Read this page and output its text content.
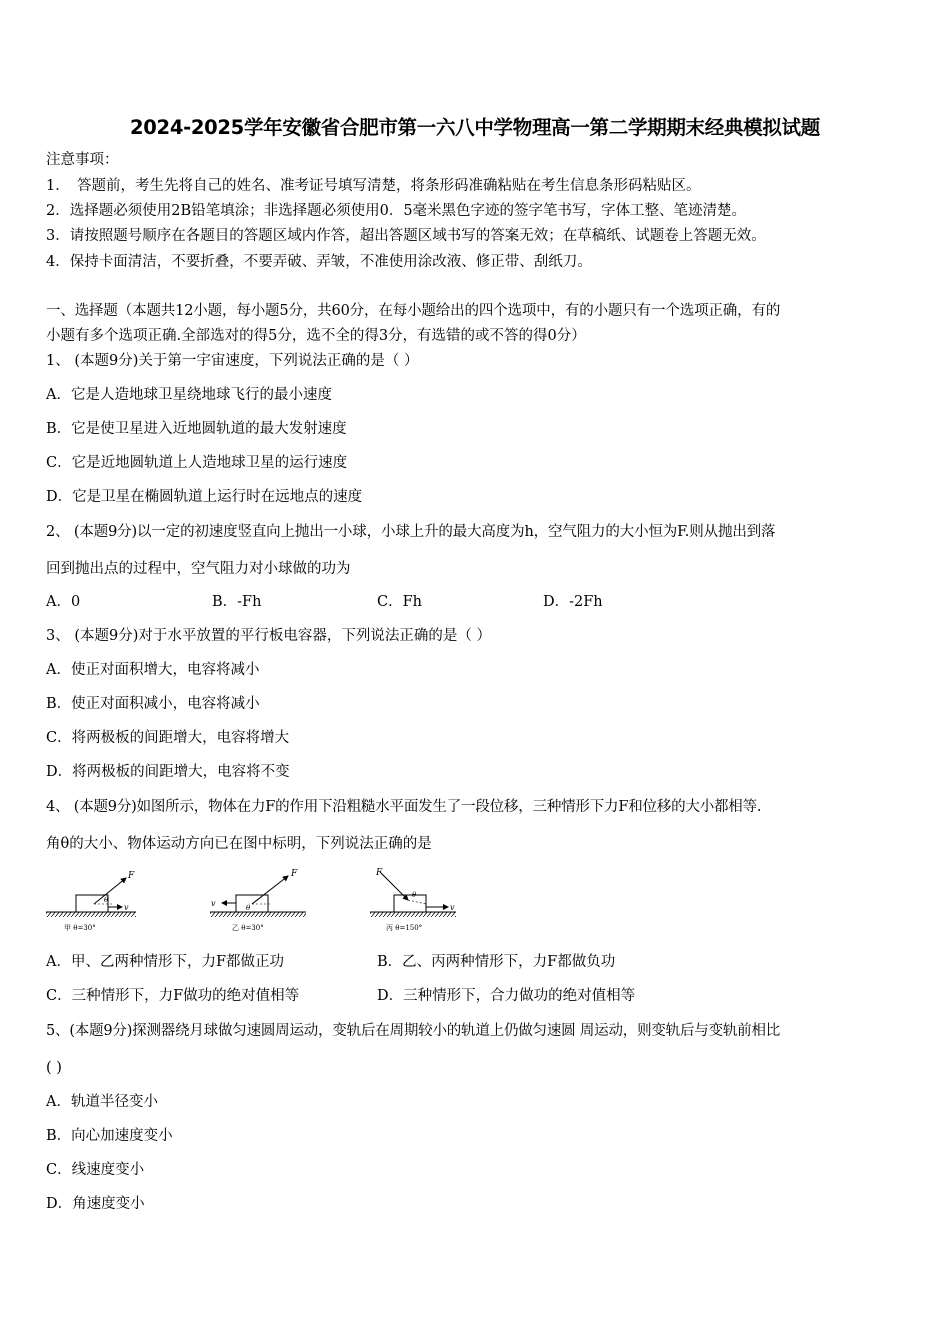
2024-2025学年安徽省合肥市第一六八中学物理高一第二学期期末经典模拟试题
注意事项：
1．　答题前，考生先将自己的姓名、准考证号填写清楚，将条形码准确粘贴在考生信息条形码粘贴区。
2．选择题必须使用2B铅笔填涂；非选择题必须使用0．5毫米黑色字迹的签字笔书写，字体工整、笔迹清楚。
3．请按照题号顺序在各题目的答题区域内作答，超出答题区域书写的答案无效；在草稿纸、试题卷上答题无效。
4．保持卡面清洁，不要折叠，不要弄破、弄皱，不准使用涂改液、修正带、刮纸刀。
一、选择题（本题共12小题，每小题5分，共60分，在每小题给出的四个选项中，有的小题只有一个选项正确，有的
小题有多个选项正确.全部选对的得5分，选不全的得3分，有选错的或不答的得0分）
1、 (本题9分)关于第一宇宙速度，下列说法正确的是（ ）
A．它是人造地球卫星绕地球飞行的最小速度
B．它是使卫星进入近地圆轨道的最大发射速度
C．它是近地圆轨道上人造地球卫星的运行速度
D．它是卫星在椭圆轨道上运行时在远地点的速度
2、 (本题9分)以一定的初速度竖直向上抛出一小球，小球上升的最大高度为h，空气阻力的大小恒为F.则从抛出到落
回到抛出点的过程中，空气阻力对小球做的功为
A．0	B．-Fh	C．Fh	D．-2Fh
3、 (本题9分)对于水平放置的平行板电容器，下列说法正确的是（ ）
A．使正对面积增大，电容将减小
B．使正对面积减小，电容将减小
C．将两极板的间距增大，电容将增大
D．将两极板的间距增大，电容将不变
4、 (本题9分)如图所示，物体在力F的作用下沿粗糙水平面发生了一段位移，三种情形下力F和位移的大小都相等.
角θ的大小、物体运动方向已在图中标明，下列说法正确的是
F
θ
v
甲 θ=30°
F
θ
v
乙 θ=30°
F
θ
v
丙 θ=150°
A．甲、乙两种情形下，力F都做正功	B．乙、丙两种情形下，力F都做负功
C．三种情形下，力F做功的绝对值相等	D．三种情形下，合力做功的绝对值相等
5、(本题9分)探测器绕月球做匀速圆周运动，变轨后在周期较小的轨道上仍做匀速圆 周运动，则变轨后与变轨前相比
( )
A．轨道半径变小
B．向心加速度变小
C．线速度变小
D．角速度变小
